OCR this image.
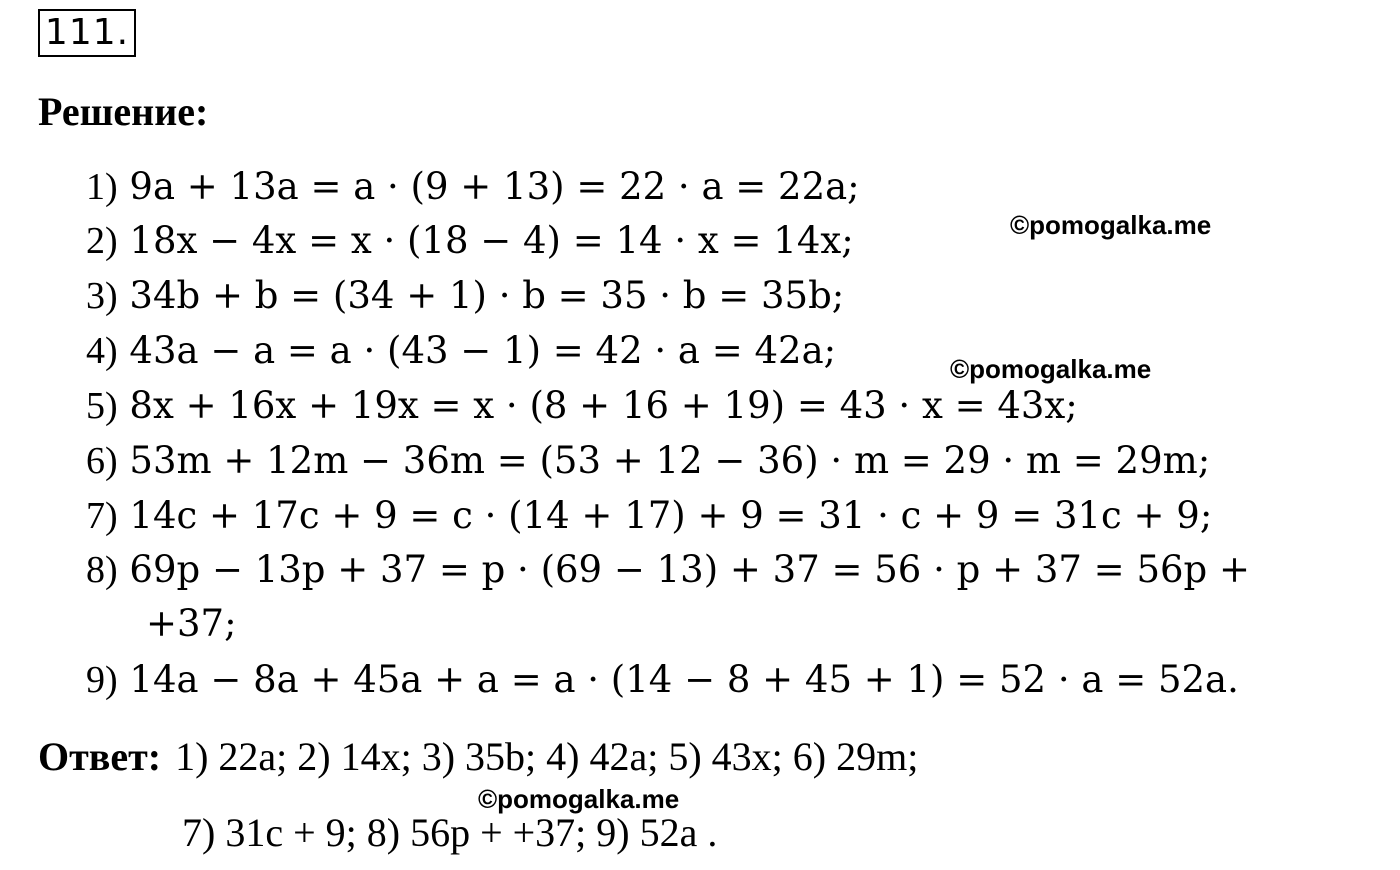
111.
Решение:
1) 9a + 13a = a · (9 + 13) = 22 · a = 22a;
2) 18x − 4x = x · (18 − 4) = 14 · x = 14x;
3) 34b + b = (34 + 1) · b = 35 · b = 35b;
4) 43a − a = a · (43 − 1) = 42 · a = 42a;
5) 8x + 16x + 19x = x · (8 + 16 + 19) = 43 · x = 43x;
6) 53m + 12m − 36m = (53 + 12 − 36) · m = 29 · m = 29m;
7) 14c + 17c + 9 = c · (14 + 17) + 9 = 31 · c + 9 = 31c + 9;
8) 69p − 13p + 37 = p · (69 − 13) + 37 = 56 · p + 37 = 56p +
+37;
9) 14a − 8a + 45a + a = a · (14 − 8 + 45 + 1) = 52 · a = 52a.
Ответ: 1) 22a; 2) 14x; 3) 35b; 4) 42a; 5) 43x; 6) 29m;
7) 31c + 9; 8) 56p + +37; 9) 52a .
©pomogalka.me
©pomogalka.me
©pomogalka.me
